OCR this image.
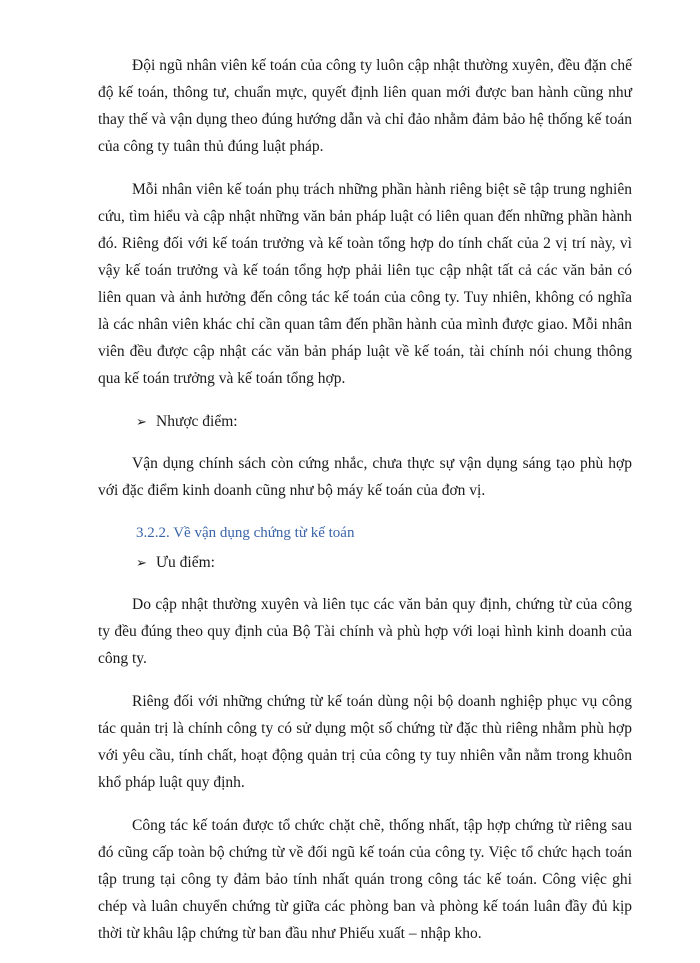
Đội ngũ nhân viên kế toán của công ty luôn cập nhật thường xuyên, đều đặn chế độ kế toán, thông tư, chuẩn mực, quyết định liên quan mới được ban hành cũng như thay thế và vận dụng theo đúng hướng dẫn và chỉ đảo nhằm đảm bảo hệ thống kế toán của công ty tuân thủ đúng luật pháp.

Mỗi nhân viên kế toán phụ trách những phần hành riêng biệt sẽ tập trung nghiên cứu, tìm hiểu và cập nhật những văn bản pháp luật có liên quan đến những phần hành đó. Riêng đối với kế toán trưởng và kế toàn tổng hợp do tính chất của 2 vị trí này, vì vậy kế toán trưởng và kế toán tổng hợp phải liên tục cập nhật tất cả các văn bản có liên quan và ảnh hưởng đến công tác kế toán của công ty. Tuy nhiên, không có nghĩa là các nhân viên khác chỉ cần quan tâm đến phần hành của mình được giao. Mỗi nhân viên đều được cập nhật các văn bản pháp luật về kế toán, tài chính nói chung thông qua kế toán trưởng và kế toán tổng hợp.

➢ Nhược điểm:

Vận dụng chính sách còn cứng nhắc, chưa thực sự vận dụng sáng tạo phù hợp với đặc điểm kinh doanh cũng như bộ máy kế toán của đơn vị.

3.2.2. Về vận dụng chứng từ kế toán
➢ Ưu điểm:

Do cập nhật thường xuyên và liên tục các văn bản quy định, chứng từ của công ty đều đúng theo quy định của Bộ Tài chính và phù hợp với loại hình kinh doanh của công ty.

Riêng đối với những chứng từ kế toán dùng nội bộ doanh nghiệp phục vụ công tác quản trị là chính công ty có sử dụng một số chứng từ đặc thù riêng nhằm phù hợp với yêu cầu, tính chất, hoạt động quản trị của công ty tuy nhiên vẫn nằm trong khuôn khổ pháp luật quy định.

Công tác kế toán được tổ chức chặt chẽ, thống nhất, tập hợp chứng từ riêng sau đó cũng cấp toàn bộ chứng từ về đối ngũ kế toán của công ty. Việc tổ chức hạch toán tập trung tại công ty đảm bảo tính nhất quán trong công tác kế toán. Công việc ghi chép và luân chuyển chứng từ giữa các phòng ban và phòng kế toán luân đầy đủ kịp thời từ khâu lập chứng từ ban đầu như Phiếu xuất – nhập kho.
